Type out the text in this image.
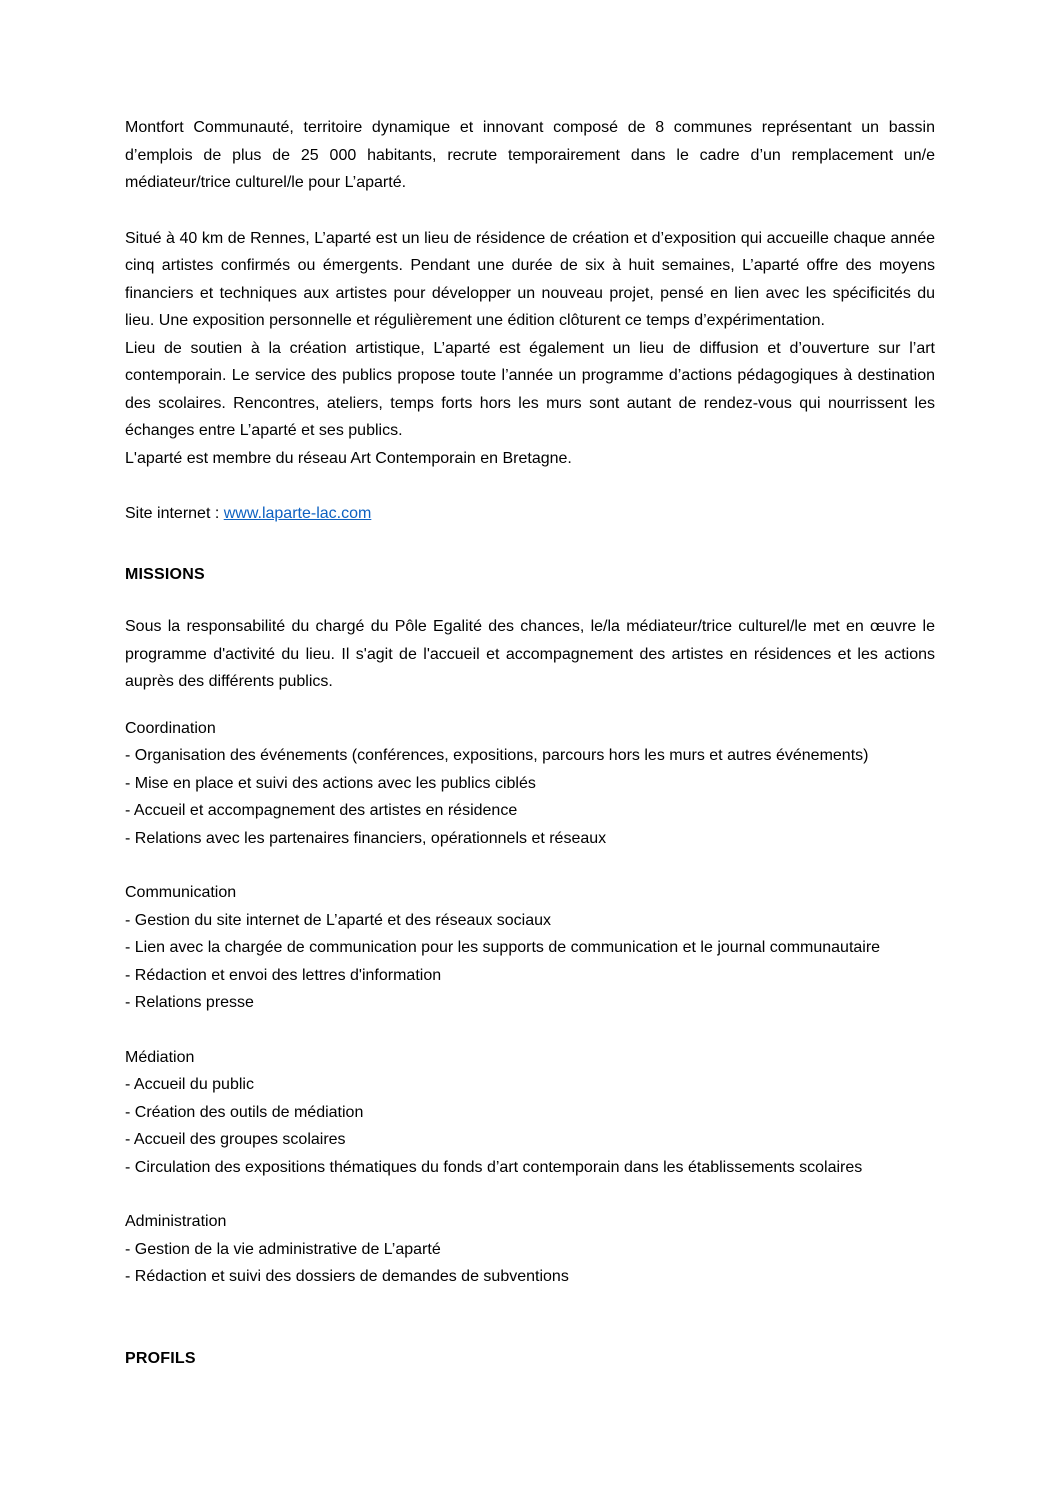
Montfort Communauté, territoire dynamique et innovant composé de 8 communes représentant un bassin d’emplois de plus de 25 000 habitants, recrute temporairement dans le cadre d’un remplacement un/e médiateur/trice culturel/le pour L’aparté.

Situé à 40 km de Rennes, L’aparté est un lieu de résidence de création et d’exposition qui accueille chaque année cinq artistes confirmés ou émergents. Pendant une durée de six à huit semaines, L’aparté offre des moyens financiers et techniques aux artistes pour développer un nouveau projet, pensé en lien avec les spécificités du lieu. Une exposition personnelle et régulièrement une édition clôturent ce temps d’expérimentation.

Lieu de soutien à la création artistique, L’aparté est également un lieu de diffusion et d’ouverture sur l’art contemporain. Le service des publics propose toute l’année un programme d’actions pédagogiques à destination des scolaires. Rencontres, ateliers, temps forts hors les murs sont autant de rendez-vous qui nourrissent les échanges entre L’aparté et ses publics.

L'aparté est membre du réseau Art Contemporain en Bretagne.

Site internet : www.laparte-lac.com

MISSIONS

Sous la responsabilité du chargé du Pôle Egalité des chances, le/la médiateur/trice culturel/le met en œuvre le programme d'activité du lieu. Il s'agit de l'accueil et accompagnement des artistes en résidences et les actions auprès des différents publics.

Coordination

- Organisation des événements (conférences, expositions, parcours hors les murs et autres événements)

- Mise en place et suivi des actions avec les publics ciblés

- Accueil et accompagnement des artistes en résidence

- Relations avec les partenaires financiers, opérationnels et réseaux

Communication

- Gestion du site internet de L’aparté et des réseaux sociaux

- Lien avec la chargée de communication pour les supports de communication et le journal communautaire

- Rédaction et envoi des lettres d'information

- Relations presse

Médiation

- Accueil du public

- Création des outils de médiation

- Accueil des groupes scolaires

- Circulation des expositions thématiques du fonds d’art contemporain dans les établissements scolaires

Administration

- Gestion de la vie administrative de L’aparté

- Rédaction et suivi des dossiers de demandes de subventions

PROFILS
